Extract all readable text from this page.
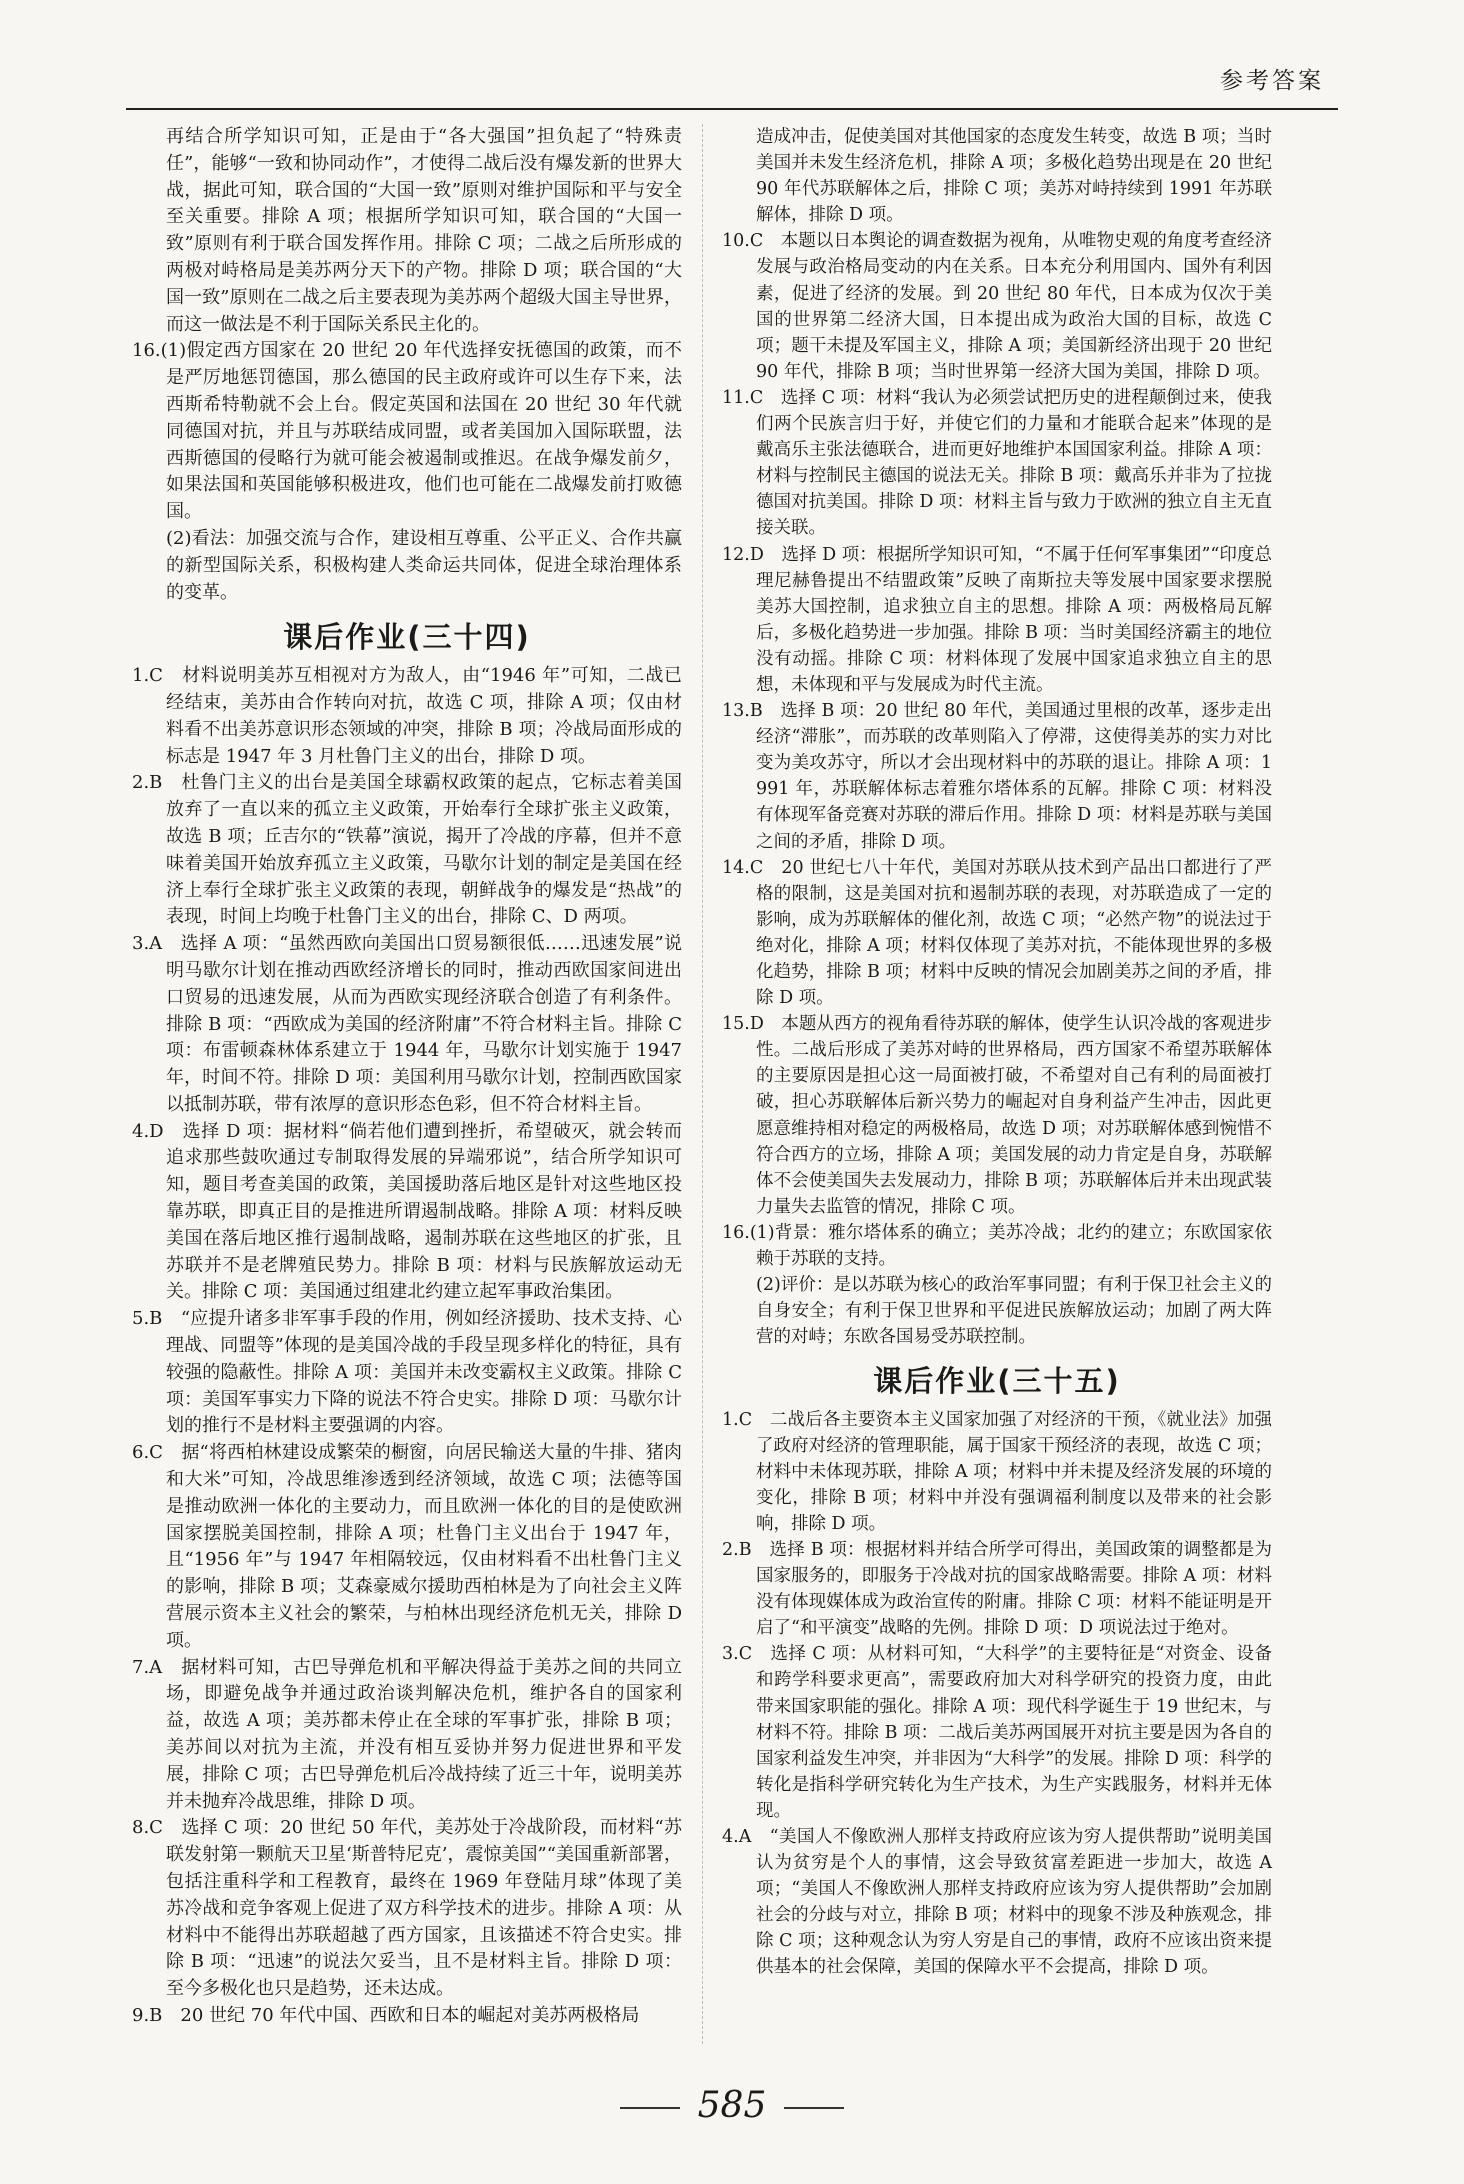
参考答案

再结合所学知识可知，正是由于“各大强国”担负起了“特殊责任”，能够“一致和协同动作”，才使得二战后没有爆发新的世界大战，据此可知，联合国的“大国一致”原则对维护国际和平与安全至关重要。排除 A 项；根据所学知识可知，联合国的“大国一致”原则有利于联合国发挥作用。排除 C 项；二战之后所形成的两极对峙格局是美苏两分天下的产物。排除 D 项；联合国的“大国一致”原则在二战之后主要表现为美苏两个超级大国主导世界，而这一做法是不利于国际关系民主化的。

16.(1)假定西方国家在 20 世纪 20 年代选择安抚德国的政策，而不是严厉地惩罚德国，那么德国的民主政府或许可以生存下来，法西斯希特勒就不会上台。假定英国和法国在 20 世纪 30 年代就同德国对抗，并且与苏联结成同盟，或者美国加入国际联盟，法西斯德国的侵略行为就可能会被遏制或推迟。在战争爆发前夕，如果法国和英国能够积极进攻，他们也可能在二战爆发前打败德国。

(2)看法：加强交流与合作，建设相互尊重、公平正义、合作共赢的新型国际关系，积极构建人类命运共同体，促进全球治理体系的变革。

课后作业(三十四)

1.C　材料说明美苏互相视对方为敌人，由“1946 年”可知，二战已经结束，美苏由合作转向对抗，故选 C 项，排除 A 项；仅由材料看不出美苏意识形态领域的冲突，排除 B 项；冷战局面形成的标志是 1947 年 3 月杜鲁门主义的出台，排除 D 项。

2.B　杜鲁门主义的出台是美国全球霸权政策的起点，它标志着美国放弃了一直以来的孤立主义政策，开始奉行全球扩张主义政策，故选 B 项；丘吉尔的“铁幕”演说，揭开了冷战的序幕，但并不意味着美国开始放弃孤立主义政策，马歇尔计划的制定是美国在经济上奉行全球扩张主义政策的表现，朝鲜战争的爆发是“热战”的表现，时间上均晚于杜鲁门主义的出台，排除 C、D 两项。

3.A　选择 A 项：“虽然西欧向美国出口贸易额很低……迅速发展”说明马歇尔计划在推动西欧经济增长的同时，推动西欧国家间进出口贸易的迅速发展，从而为西欧实现经济联合创造了有利条件。排除 B 项：“西欧成为美国的经济附庸”不符合材料主旨。排除 C 项：布雷顿森林体系建立于 1944 年，马歇尔计划实施于 1947 年，时间不符。排除 D 项：美国利用马歇尔计划，控制西欧国家以抵制苏联，带有浓厚的意识形态色彩，但不符合材料主旨。

4.D　选择 D 项：据材料“倘若他们遭到挫折，希望破灭，就会转而追求那些鼓吹通过专制取得发展的异端邪说”，结合所学知识可知，题目考查美国的政策，美国援助落后地区是针对这些地区投靠苏联，即真正目的是推进所谓遏制战略。排除 A 项：材料反映美国在落后地区推行遏制战略，遏制苏联在这些地区的扩张，且苏联并不是老牌殖民势力。排除 B 项：材料与民族解放运动无关。排除 C 项：美国通过组建北约建立起军事政治集团。

5.B　“应提升诸多非军事手段的作用，例如经济援助、技术支持、心理战、同盟等”体现的是美国冷战的手段呈现多样化的特征，具有较强的隐蔽性。排除 A 项：美国并未改变霸权主义政策。排除 C 项：美国军事实力下降的说法不符合史实。排除 D 项：马歇尔计划的推行不是材料主要强调的内容。

6.C　据“将西柏林建设成繁荣的橱窗，向居民输送大量的牛排、猪肉和大米”可知，冷战思维渗透到经济领域，故选 C 项；法德等国是推动欧洲一体化的主要动力，而且欧洲一体化的目的是使欧洲国家摆脱美国控制，排除 A 项；杜鲁门主义出台于 1947 年，且“1956 年”与 1947 年相隔较远，仅由材料看不出杜鲁门主义的影响，排除 B 项；艾森豪威尔援助西柏林是为了向社会主义阵营展示资本主义社会的繁荣，与柏林出现经济危机无关，排除 D 项。

7.A　据材料可知，古巴导弹危机和平解决得益于美苏之间的共同立场，即避免战争并通过政治谈判解决危机，维护各自的国家利益，故选 A 项；美苏都未停止在全球的军事扩张，排除 B 项；美苏间以对抗为主流，并没有相互妥协并努力促进世界和平发展，排除 C 项；古巴导弹危机后冷战持续了近三十年，说明美苏并未抛弃冷战思维，排除 D 项。

8.C　选择 C 项：20 世纪 50 年代，美苏处于冷战阶段，而材料“苏联发射第一颗航天卫星‘斯普特尼克’，震惊美国”“美国重新部署，包括注重科学和工程教育，最终在 1969 年登陆月球”体现了美苏冷战和竞争客观上促进了双方科学技术的进步。排除 A 项：从材料中不能得出苏联超越了西方国家，且该描述不符合史实。排除 B 项：“迅速”的说法欠妥当，且不是材料主旨。排除 D 项：至今多极化也只是趋势，还未达成。

9.B　20 世纪 70 年代中国、西欧和日本的崛起对美苏两极格局

造成冲击，促使美国对其他国家的态度发生转变，故选 B 项；当时美国并未发生经济危机，排除 A 项；多极化趋势出现是在 20 世纪 90 年代苏联解体之后，排除 C 项；美苏对峙持续到 1991 年苏联解体，排除 D 项。

10.C　本题以日本舆论的调查数据为视角，从唯物史观的角度考查经济发展与政治格局变动的内在关系。日本充分利用国内、国外有利因素，促进了经济的发展。到 20 世纪 80 年代，日本成为仅次于美国的世界第二经济大国，日本提出成为政治大国的目标，故选 C 项；题干未提及军国主义，排除 A 项；美国新经济出现于 20 世纪 90 年代，排除 B 项；当时世界第一经济大国为美国，排除 D 项。

11.C　选择 C 项：材料“我认为必须尝试把历史的进程颠倒过来，使我们两个民族言归于好，并使它们的力量和才能联合起来”体现的是戴高乐主张法德联合，进而更好地维护本国国家利益。排除 A 项：材料与控制民主德国的说法无关。排除 B 项：戴高乐并非为了拉拢德国对抗美国。排除 D 项：材料主旨与致力于欧洲的独立自主无直接关联。

12.D　选择 D 项：根据所学知识可知，“不属于任何军事集团”“印度总理尼赫鲁提出不结盟政策”反映了南斯拉夫等发展中国家要求摆脱美苏大国控制，追求独立自主的思想。排除 A 项：两极格局瓦解后，多极化趋势进一步加强。排除 B 项：当时美国经济霸主的地位没有动摇。排除 C 项：材料体现了发展中国家追求独立自主的思想，未体现和平与发展成为时代主流。

13.B　选择 B 项：20 世纪 80 年代，美国通过里根的改革，逐步走出经济“滞胀”，而苏联的改革则陷入了停滞，这使得美苏的实力对比变为美攻苏守，所以才会出现材料中的苏联的退让。排除 A 项：1991 年，苏联解体标志着雅尔塔体系的瓦解。排除 C 项：材料没有体现军备竞赛对苏联的滞后作用。排除 D 项：材料是苏联与美国之间的矛盾，排除 D 项。

14.C　20 世纪七八十年代，美国对苏联从技术到产品出口都进行了严格的限制，这是美国对抗和遏制苏联的表现，对苏联造成了一定的影响，成为苏联解体的催化剂，故选 C 项；“必然产物”的说法过于绝对化，排除 A 项；材料仅体现了美苏对抗，不能体现世界的多极化趋势，排除 B 项；材料中反映的情况会加剧美苏之间的矛盾，排除 D 项。

15.D　本题从西方的视角看待苏联的解体，使学生认识冷战的客观进步性。二战后形成了美苏对峙的世界格局，西方国家不希望苏联解体的主要原因是担心这一局面被打破，不希望对自己有利的局面被打破，担心苏联解体后新兴势力的崛起对自身利益产生冲击，因此更愿意维持相对稳定的两极格局，故选 D 项；对苏联解体感到惋惜不符合西方的立场，排除 A 项；美国发展的动力肯定是自身，苏联解体不会使美国失去发展动力，排除 B 项；苏联解体后并未出现武装力量失去监管的情况，排除 C 项。

16.(1)背景：雅尔塔体系的确立；美苏冷战；北约的建立；东欧国家依赖于苏联的支持。

(2)评价：是以苏联为核心的政治军事同盟；有利于保卫社会主义的自身安全；有利于保卫世界和平促进民族解放运动；加剧了两大阵营的对峙；东欧各国易受苏联控制。

课后作业(三十五)

1.C　二战后各主要资本主义国家加强了对经济的干预，《就业法》加强了政府对经济的管理职能，属于国家干预经济的表现，故选 C 项；材料中未体现苏联，排除 A 项；材料中并未提及经济发展的环境的变化，排除 B 项；材料中并没有强调福利制度以及带来的社会影响，排除 D 项。

2.B　选择 B 项：根据材料并结合所学可得出，美国政策的调整都是为国家服务的，即服务于冷战对抗的国家战略需要。排除 A 项：材料没有体现媒体成为政治宣传的附庸。排除 C 项：材料不能证明是开启了“和平演变”战略的先例。排除 D 项：D 项说法过于绝对。

3.C　选择 C 项：从材料可知，“大科学”的主要特征是“对资金、设备和跨学科要求更高”，需要政府加大对科学研究的投资力度，由此带来国家职能的强化。排除 A 项：现代科学诞生于 19 世纪末，与材料不符。排除 B 项：二战后美苏两国展开对抗主要是因为各自的国家利益发生冲突，并非因为“大科学”的发展。排除 D 项：科学的转化是指科学研究转化为生产技术，为生产实践服务，材料并无体现。

4.A　“美国人不像欧洲人那样支持政府应该为穷人提供帮助”说明美国认为贫穷是个人的事情，这会导致贫富差距进一步加大，故选 A 项；“美国人不像欧洲人那样支持政府应该为穷人提供帮助”会加剧社会的分歧与对立，排除 B 项；材料中的现象不涉及种族观念，排除 C 项；这种观念认为穷人穷是自己的事情，政府不应该出资来提供基本的社会保障，美国的保障水平不会提高，排除 D 项。

585
